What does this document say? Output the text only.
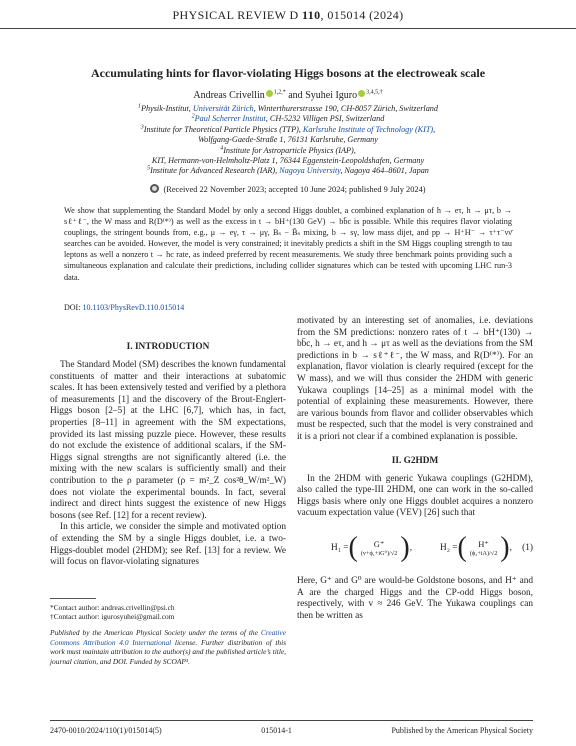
PHYSICAL REVIEW D 110, 015014 (2024)
Accumulating hints for flavor-violating Higgs bosons at the electroweak scale
Andreas Crivellin $^{1,2,*}$ and Syuhei Iguro $^{3,4,5,\dagger}$
$^1$Physik-Institut, Universität Zürich, Winterthurerstrasse 190, CH-8057 Zürich, Switzerland
$^2$Paul Scherrer Institut, CH-5232 Villigen PSI, Switzerland
$^3$Institute for Theoretical Particle Physics (TTP), Karlsruhe Institute of Technology (KIT),
Wolfgang-Gaede-Straße 1, 76131 Karlsruhe, Germany
$^4$Institute for Astroparticle Physics (IAP),
KIT, Hermann-von-Helmholtz-Platz 1, 76344 Eggenstein-Leopoldshafen, Germany
$^5$Institute for Advanced Research (IAR), Nagoya University, Nagoya 464–8601, Japan
(Received 22 November 2023; accepted 10 June 2024; published 9 July 2024)
We show that supplementing the Standard Model by only a second Higgs doublet, a combined explanation of h → eτ, h → μτ, b → sℓ⁺ℓ⁻, the W mass and R(D⁽*⁾) as well as the excess in t → bH⁺(130 GeV) → bb̄c is possible. While this requires flavor violating couplings, the stringent bounds from, e.g., μ → eγ, τ → μγ, Bₛ − B̄ₛ mixing, b → sγ, low mass dijet, and pp → H⁺H⁻ → τ⁺τ⁻νν̄ searches can be avoided. However, the model is very constrained; it inevitably predicts a shift in the SM Higgs coupling strength to tau leptons as well a nonzero t → hc rate, as indeed preferred by recent measurements. We study three benchmark points providing such a simultaneous explanation and calculate their predictions, including collider signatures which can be tested with upcoming LHC run-3 data.
DOI: 10.1103/PhysRevD.110.015014
I. INTRODUCTION

The Standard Model (SM) describes the known fundamental constituents of matter and their interactions at subatomic scales. It has been extensively tested and verified by a plethora of measurements [1] and the discovery of the Brout-Englert-Higgs boson [2–5] at the LHC [6,7], which has, in fact, properties [8–11] in agreement with the SM expectations, provided its last missing puzzle piece. However, these results do not exclude the existence of additional scalars, if the SM-Higgs signal strengths are not significantly altered (i.e. the mixing with the new scalars is sufficiently small) and their contribution to the ρ parameter (ρ = m²_Z cos²θ_W/m²_W) does not violate the experimental bounds. In fact, several indirect and direct hints suggest the existence of new Higgs bosons (see Ref. [12] for a recent review).

In this article, we consider the simple and motivated option of extending the SM by a single Higgs doublet, i.e. a two-Higgs-doublet model (2HDM); see Ref. [13] for a review. We will focus on flavor-violating signatures

motivated by an interesting set of anomalies, i.e. deviations from the SM predictions: nonzero rates of t → bH⁺(130) → bb̄c, h → eτ, and h → μτ as well as the deviations from the SM predictions in b → sℓ⁺ℓ⁻, the W mass, and R(D⁽*⁾). For an explanation, flavor violation is clearly required (except for the W mass), and we will thus consider the 2HDM with generic Yukawa couplings [14–25] as a minimal model with the potential of explaining these measurements. However, there are various bounds from flavor and collider observables which must be respected, such that the model is very constrained and it is a priori not clear if a combined explanation is possible.

II. G2HDM

In the 2HDM with generic Yukawa couplings (G2HDM), also called the type-III 2HDM, one can work in the so-called Higgs basis where only one Higgs doublet acquires a nonzero vacuum expectation value (VEV) [26] such that

H₁ = ( G⁺
(v+ϕ₁+iG⁰)/√2 ) ,	H₂ = ( H⁺
(ϕ₂+iA)/√2 ) , (1)

Here, G⁺ and G⁰ are would-be Goldstone bosons, and H⁺ and A are the charged Higgs and the CP-odd Higgs boson, respectively, with v ≈ 246 GeV. The Yukawa couplings can then be written as

*Contact author: andreas.crivellin@psi.ch
†Contact author: igurosyuhei@gmail.com
Published by the American Physical Society under the terms of the Creative Commons Attribution 4.0 International license. Further distribution of this work must maintain attribution to the author(s) and the published article’s title, journal citation, and DOI. Funded by SCOAP³.
2470-0010/2024/110(1)/015014(5)	015014-1	Published by the American Physical Society
